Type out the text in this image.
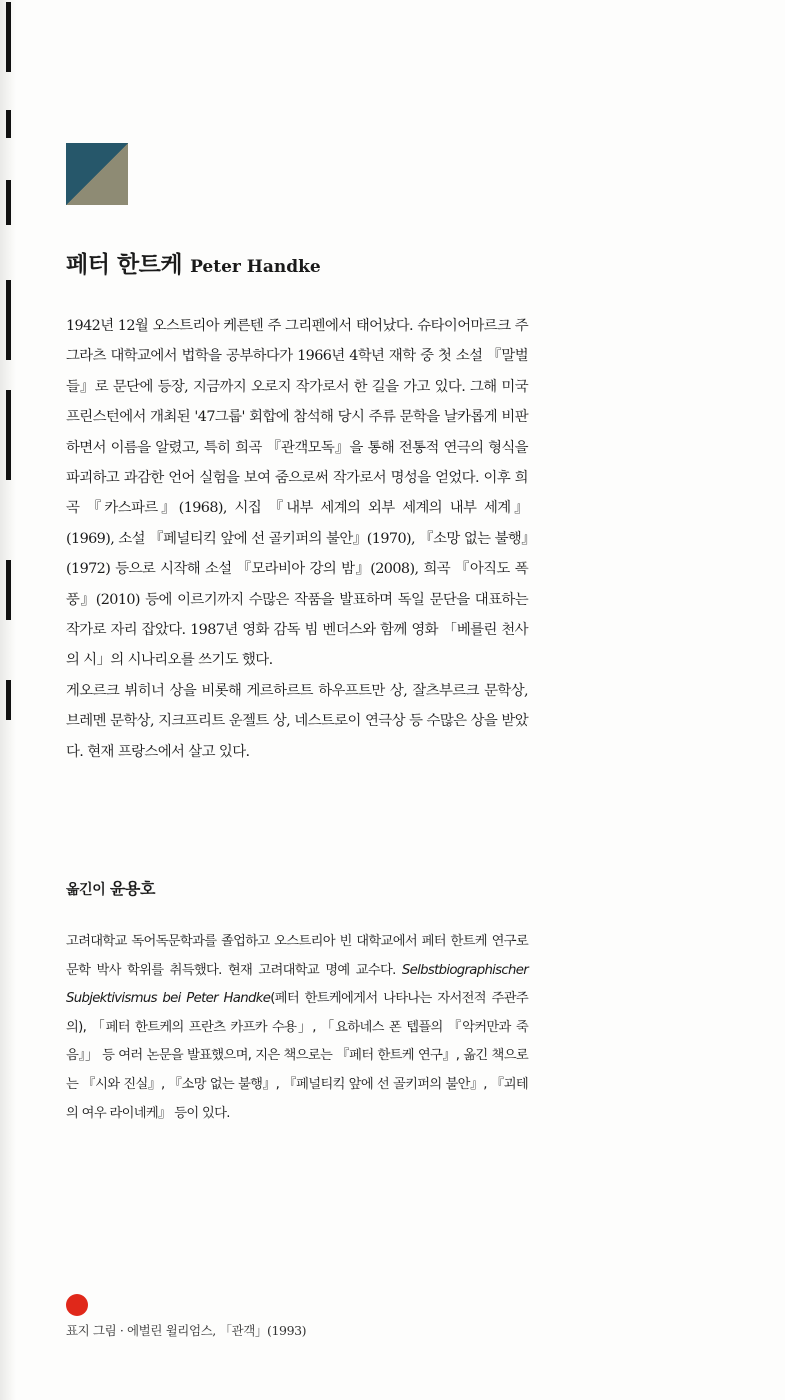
페터 한트케 Peter Handke

1942년 12월 오스트리아 케른텐 주 그리펜에서 태어났다. 슈타이어마르크 주 그라츠 대학교에서 법학을 공부하다가 1966년 4학년 재학 중 첫 소설 『말벌들』로 문단에 등장, 지금까지 오로지 작가로서 한 길을 가고 있다. 그해 미국 프린스턴에서 개최된 '47그룹' 회합에 참석해 당시 주류 문학을 날카롭게 비판하면서 이름을 알렸고, 특히 희곡 『관객모독』을 통해 전통적 연극의 형식을 파괴하고 과감한 언어 실험을 보여 줌으로써 작가로서 명성을 얻었다. 이후 희곡 『카스파르』(1968), 시집 『내부 세계의 외부 세계의 내부 세계』(1969), 소설 『페널티킥 앞에 선 골키퍼의 불안』(1970), 『소망 없는 불행』(1972) 등으로 시작해 소설 『모라비아 강의 밤』(2008), 희곡 『아직도 폭풍』(2010) 등에 이르기까지 수많은 작품을 발표하며 독일 문단을 대표하는 작가로 자리 잡았다. 1987년 영화 감독 빔 벤더스와 함께 영화 「베를린 천사의 시」의 시나리오를 쓰기도 했다.

게오르크 뷔히너 상을 비롯해 게르하르트 하우프트만 상, 잘츠부르크 문학상, 브레멘 문학상, 지크프리트 운젤트 상, 네스트로이 연극상 등 수많은 상을 받았다. 현재 프랑스에서 살고 있다.

옮긴이 윤용호

고려대학교 독어독문학과를 졸업하고 오스트리아 빈 대학교에서 페터 한트케 연구로 문학 박사 학위를 취득했다. 현재 고려대학교 명예 교수다. Selbstbiographischer Subjektivismus bei Peter Handke(페터 한트케에게서 나타나는 자서전적 주관주의), 「페터 한트케의 프란츠 카프카 수용」, 「요하네스 폰 텝플의 『악커만과 죽음』」 등 여러 논문을 발표했으며, 지은 책으로는 『페터 한트케 연구』, 옮긴 책으로는 『시와 진실』, 『소망 없는 불행』, 『페널티킥 앞에 선 골키퍼의 불안』, 『괴테의 여우 라이네케』 등이 있다.

표지 그림 · 에벌린 윌리엄스, 「관객」(1993)
